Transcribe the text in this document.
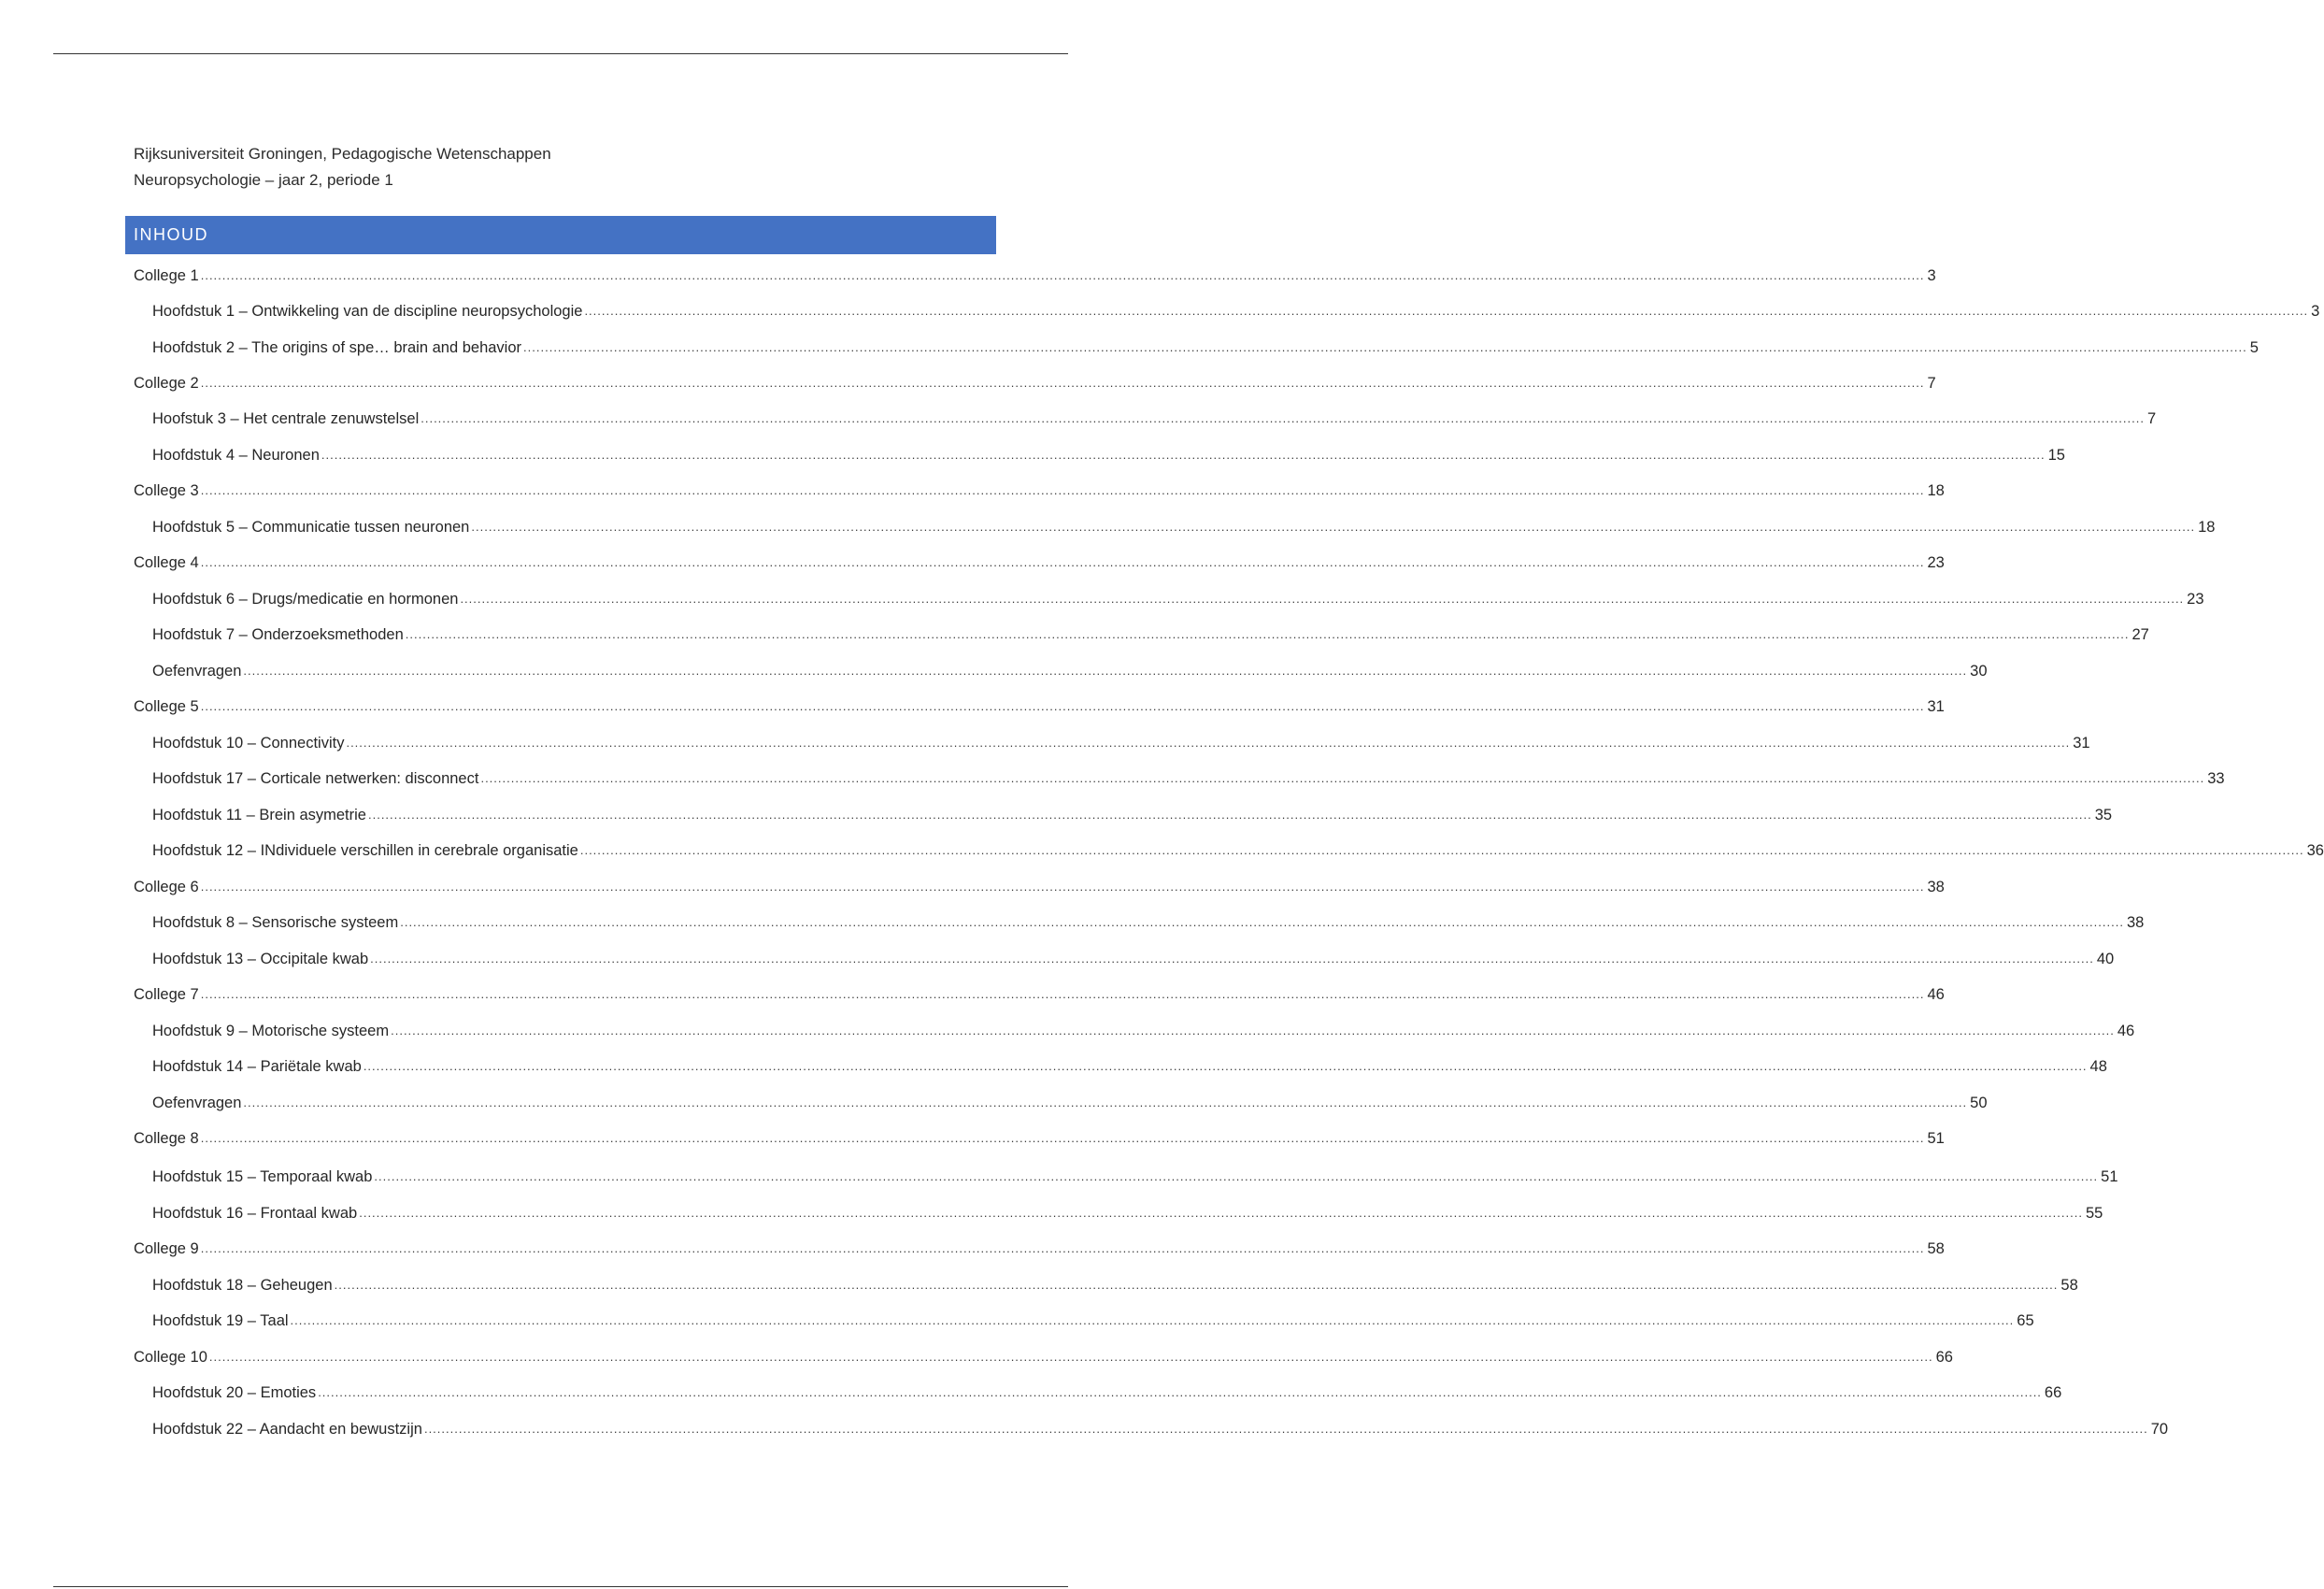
Rijksuniversiteit Groningen, Pedagogische Wetenschappen
Neuropsychologie – jaar 2, periode 1
INHOUD
College 1 ................................................................................................................................................................................................................................................................................................................................................................................................................ 3
Hoofdstuk 1 – Ontwikkeling van de discipline neuropsychologie ................................................................................................................................................................................................................................................................................................................................................................................................................ 3
Hoofdstuk 2 – The origins of spe… brain and behavior ................................................................................................................................................................................................................................................................................................................................................................................................................ 5
College 2 ................................................................................................................................................................................................................................................................................................................................................................................................................ 7
Hoofstuk 3 – Het centrale zenuwstelsel ................................................................................................................................................................................................................................................................................................................................................................................................................ 7
Hoofdstuk 4 – Neuronen ................................................................................................................................................................................................................................................................................................................................................................................................................ 15
College 3 ................................................................................................................................................................................................................................................................................................................................................................................................................ 18
Hoofdstuk 5 – Communicatie tussen neuronen ................................................................................................................................................................................................................................................................................................................................................................................................................ 18
College 4 ................................................................................................................................................................................................................................................................................................................................................................................................................ 23
Hoofdstuk 6 – Drugs/medicatie en hormonen ................................................................................................................................................................................................................................................................................................................................................................................................................ 23
Hoofdstuk 7 – Onderzoeksmethoden ................................................................................................................................................................................................................................................................................................................................................................................................................ 27
Oefenvragen ................................................................................................................................................................................................................................................................................................................................................................................................................ 30
College 5 ................................................................................................................................................................................................................................................................................................................................................................................................................ 31
Hoofdstuk 10 – Connectivity ................................................................................................................................................................................................................................................................................................................................................................................................................ 31
Hoofdstuk 17 – Corticale netwerken: disconnect ................................................................................................................................................................................................................................................................................................................................................................................................................ 33
Hoofdstuk 11 – Brein asymetrie ................................................................................................................................................................................................................................................................................................................................................................................................................ 35
Hoofdstuk 12 – INdividuele verschillen in cerebrale organisatie ................................................................................................................................................................................................................................................................................................................................................................................................................ 36
College 6 ................................................................................................................................................................................................................................................................................................................................................................................................................ 38
Hoofdstuk 8 – Sensorische systeem ................................................................................................................................................................................................................................................................................................................................................................................................................ 38
Hoofdstuk 13 – Occipitale kwab ................................................................................................................................................................................................................................................................................................................................................................................................................ 40
College 7 ................................................................................................................................................................................................................................................................................................................................................................................................................ 46
Hoofdstuk 9 – Motorische systeem ................................................................................................................................................................................................................................................................................................................................................................................................................ 46
Hoofdstuk 14 – Pariëtale kwab ................................................................................................................................................................................................................................................................................................................................................................................................................ 48
Oefenvragen ................................................................................................................................................................................................................................................................................................................................................................................................................ 50
College 8 ................................................................................................................................................................................................................................................................................................................................................................................................................ 51
Hoofdstuk 15 – Temporaal kwab ................................................................................................................................................................................................................................................................................................................................................................................................................ 51
Hoofdstuk 16 – Frontaal kwab ................................................................................................................................................................................................................................................................................................................................................................................................................ 55
College 9 ................................................................................................................................................................................................................................................................................................................................................................................................................ 58
Hoofdstuk 18 – Geheugen ................................................................................................................................................................................................................................................................................................................................................................................................................ 58
Hoofdstuk 19 – Taal ................................................................................................................................................................................................................................................................................................................................................................................................................ 65
College 10 ................................................................................................................................................................................................................................................................................................................................................................................................................ 66
Hoofdstuk 20 – Emoties ................................................................................................................................................................................................................................................................................................................................................................................................................ 66
Hoofdstuk 22 – Aandacht en bewustzijn ................................................................................................................................................................................................................................................................................................................................................................................................................ 70
